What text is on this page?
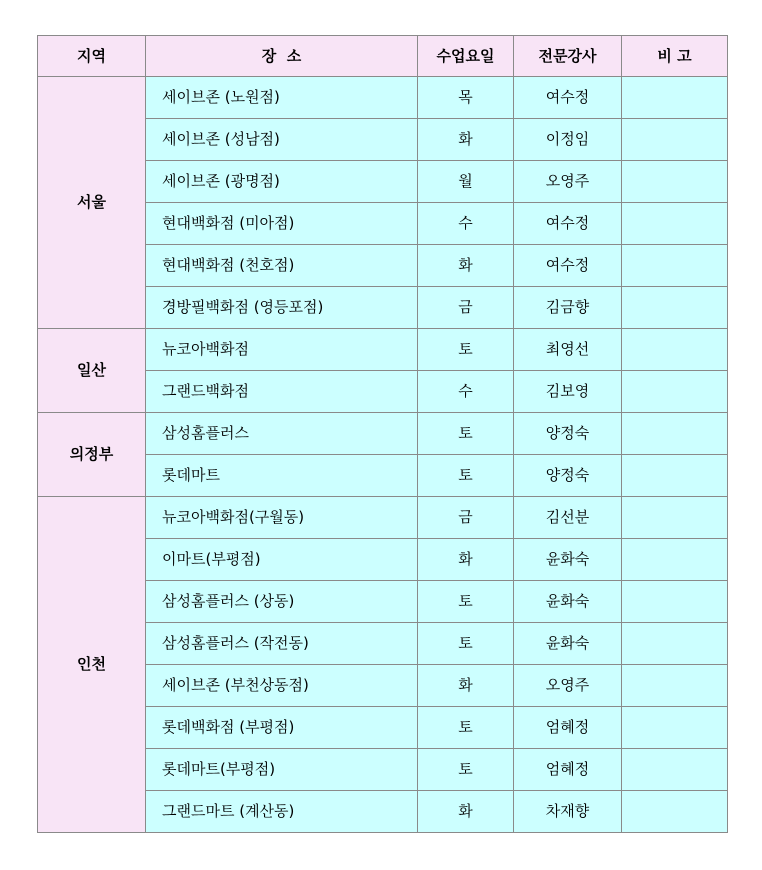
지역	장  소	수업요일	전문강사	비 고
서울	세이브존 (노원점)	목	여수정	
	세이브존 (성남점)	화	이정임	
	세이브존 (광명점)	월	오영주	
	현대백화점 (미아점)	수	여수정	
	현대백화점 (천호점)	화	여수정	
	경방필백화점 (영등포점)	금	김금향	
일산	뉴코아백화점	토	최영선	
	그랜드백화점	수	김보영	
의정부	삼성홈플러스	토	양정숙	
	롯데마트	토	양정숙	
인천	뉴코아백화점(구월동)	금	김선분	
	이마트(부평점)	화	윤화숙	
	삼성홈플러스 (상동)	토	윤화숙	
	삼성홈플러스 (작전동)	토	윤화숙	
	세이브존 (부천상동점)	화	오영주	
	롯데백화점 (부평점)	토	엄혜정	
	롯데마트(부평점)	토	엄혜정	
	그랜드마트 (계산동)	화	차재향	
